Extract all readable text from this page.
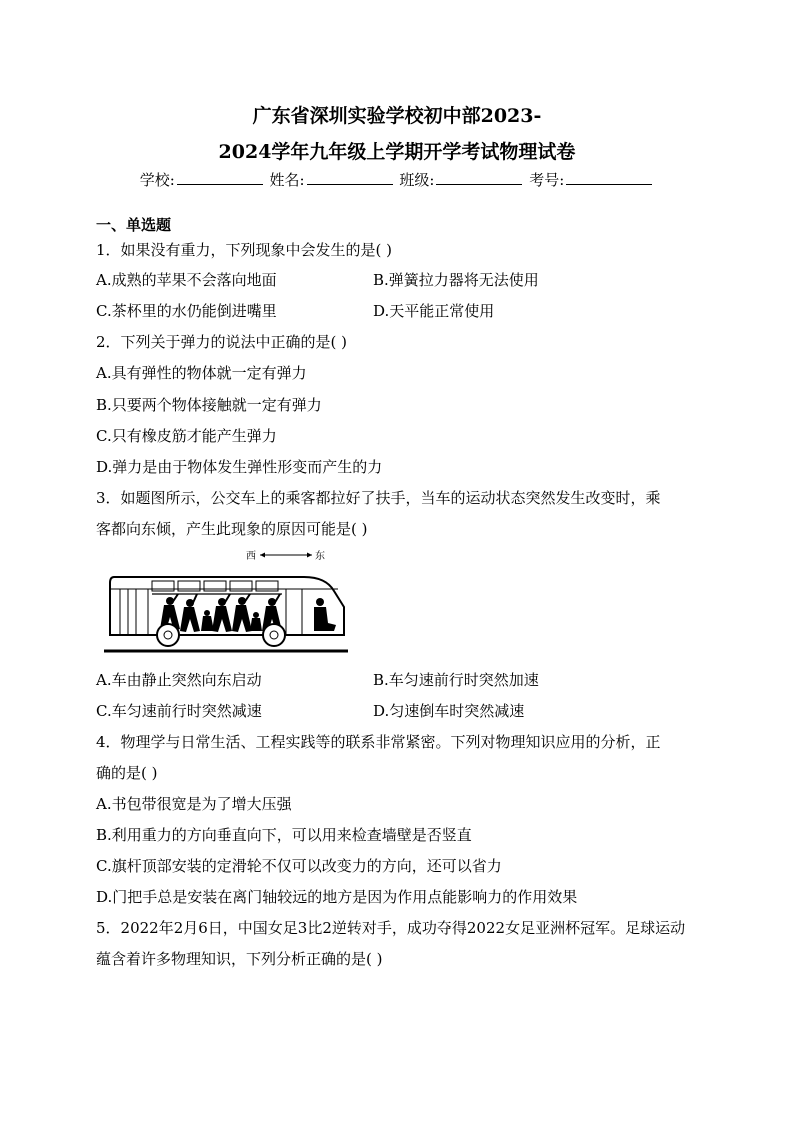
广东省深圳实验学校初中部2023-
2024学年九年级上学期开学考试物理试卷
学校:	姓名:	班级:	考号:
一、单选题
1．如果没有重力，下列现象中会发生的是( )
A.成熟的苹果不会落向地面	B.弹簧拉力器将无法使用
C.茶杯里的水仍能倒进嘴里	D.天平能正常使用
2．下列关于弹力的说法中正确的是( )
A.具有弹性的物体就一定有弹力
B.只要两个物体接触就一定有弹力
C.只有橡皮筋才能产生弹力
D.弹力是由于物体发生弹性形变而产生的力
3．如题图所示，公交车上的乘客都拉好了扶手，当车的运动状态突然发生改变时，乘
客都向东倾，产生此现象的原因可能是( )
西	东
A.车由静止突然向东启动	B.车匀速前行时突然加速
C.车匀速前行时突然减速	D.匀速倒车时突然减速
4．物理学与日常生活、工程实践等的联系非常紧密。下列对物理知识应用的分析，正
确的是( )
A.书包带很宽是为了增大压强
B.利用重力的方向垂直向下，可以用来检查墙壁是否竖直
C.旗杆顶部安装的定滑轮不仅可以改变力的方向，还可以省力
D.门把手总是安装在离门轴较远的地方是因为作用点能影响力的作用效果
5．2022年2月6日，中国女足3比2逆转对手，成功夺得2022女足亚洲杯冠军。足球运动
蕴含着许多物理知识，下列分析正确的是( )
